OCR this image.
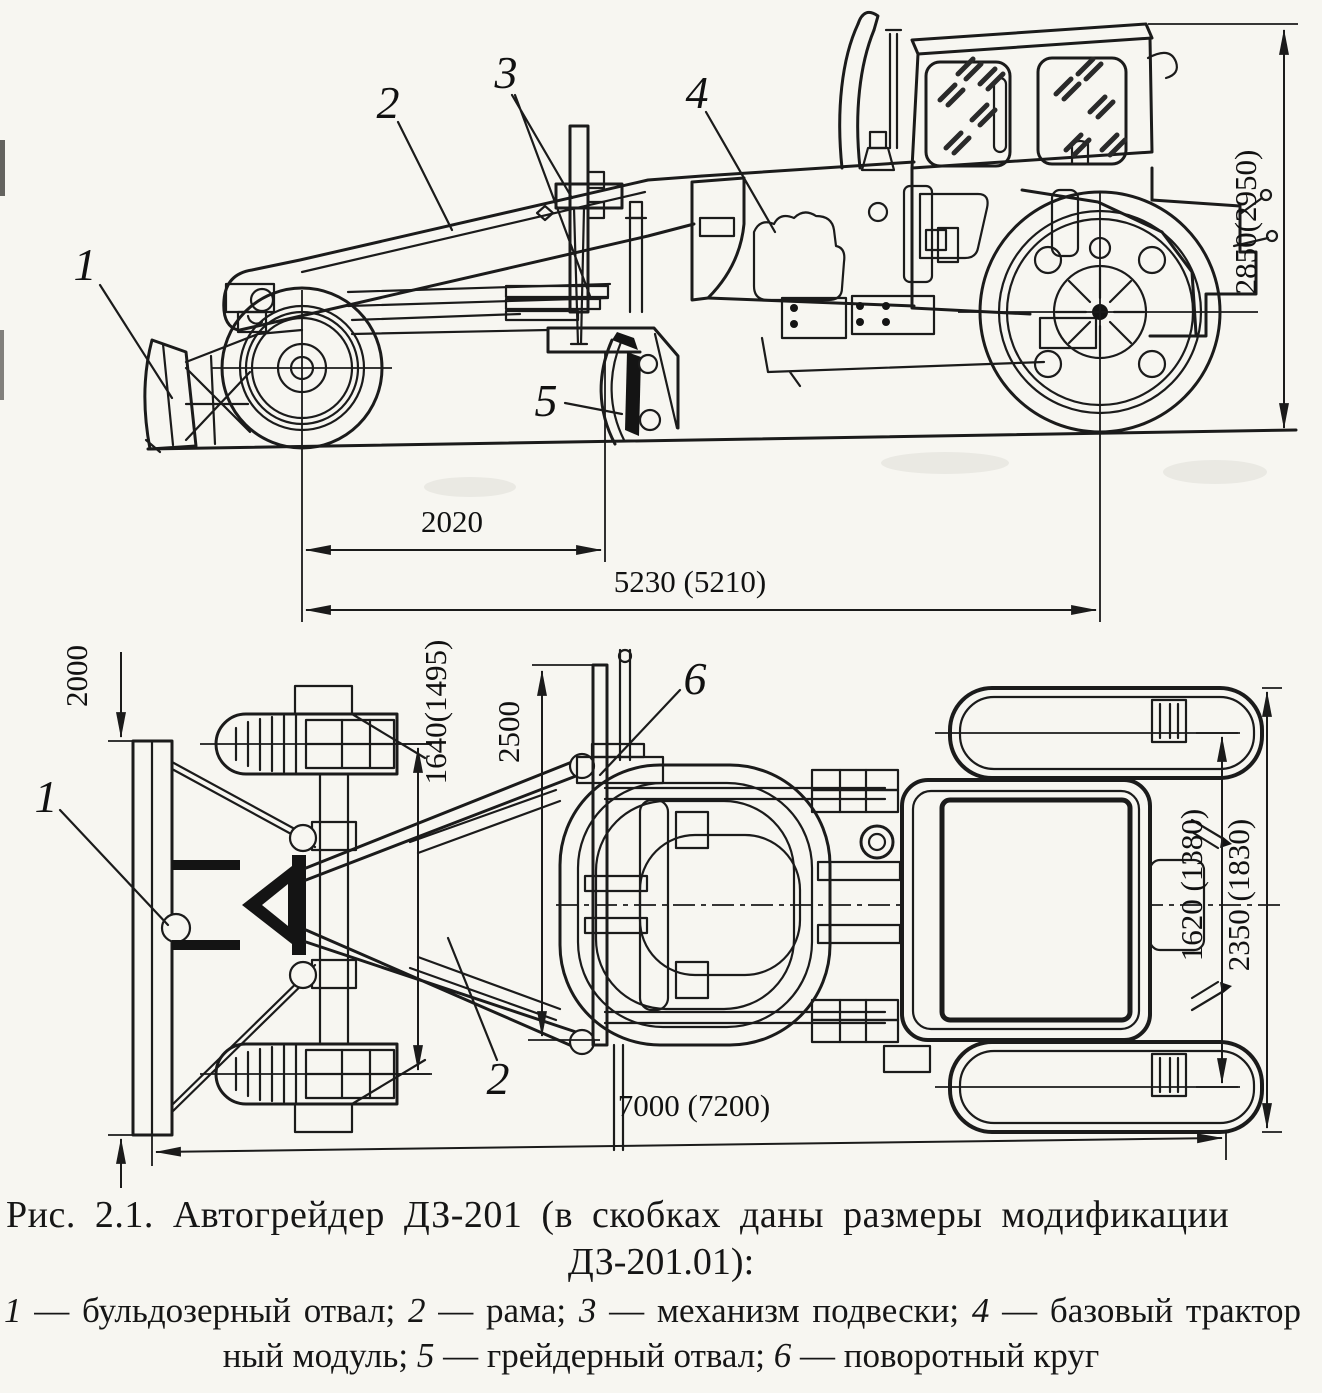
2850(2950)
2020
5230 (5210)
2000	1640(1495) 2500
1620 (1380) 2350 (1830)
7000 (7200)
1
2
3	4
5
1
2
6
Рис. 2.1. Автогрейдер ДЗ-201 (в скобках даны размеры модификации
ДЗ-201.01):
1 — бульдозерный отвал; 2 — рама; 3 — механизм подвески; 4 — базовый трактор
ный модуль; 5 — грейдерный отвал; 6 — поворотный круг
